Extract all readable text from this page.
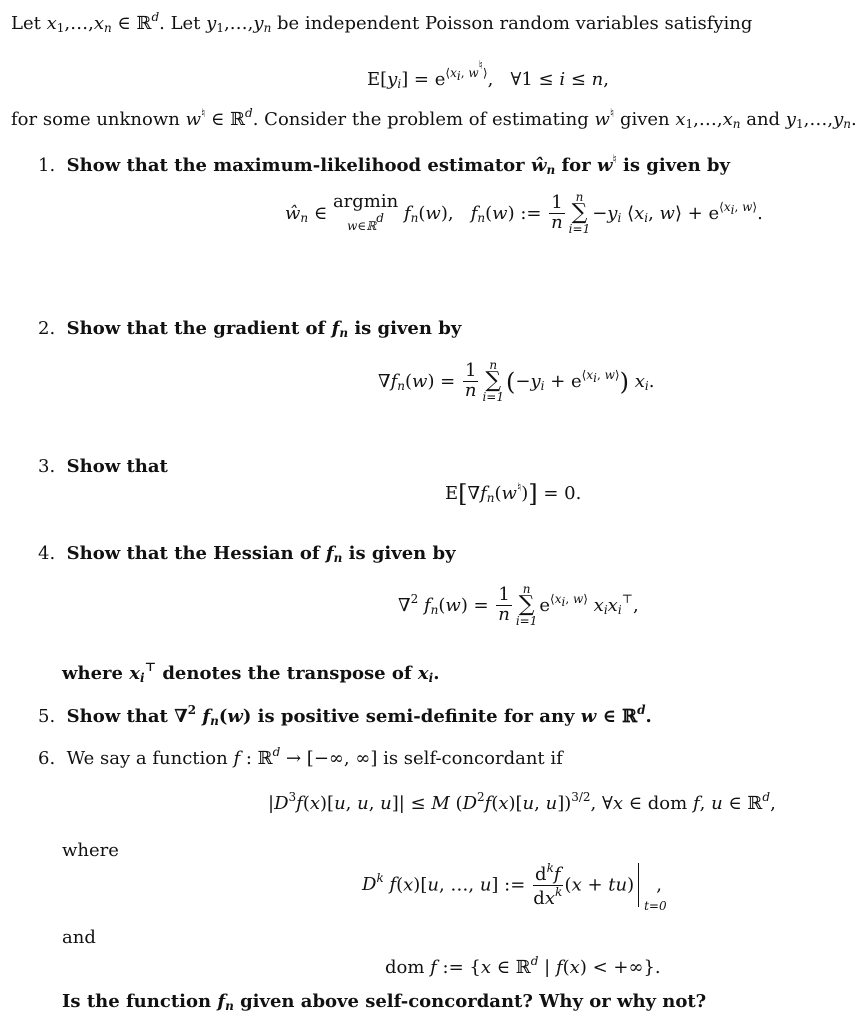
Let $x_1,\dots,x_n$ ∈ ℝ$^d$. Let $y_1,\dots,y_n$ be independent Poisson random variables satisfying
$E[y_i] = e^{⟨x_i, w^♮⟩}$,   ∀1 ≤ i ≤ n,
for some unknown w♮ ∈ ℝ$^d$. Consider the problem of estimating w♮ given $x_1,\dots,x_n$ and $y_1,\dots,y_n$.
1. Show that the maximum-likelihood estimator $ŵ_n$ for w♮ is given by
$ŵ_n$ ∈
argmin
w∈ℝ$^d$	$f_n(w)$,   $f_n(w)$ := $\frac{1}{n}$ n
∑
i=1
$-y_i$ $⟨x_i$, w⟩ + $e^{⟨x_i, w⟩}$.
2. Show that the gradient of $f_n$ is given by
$\nabla f_n(w) = \frac{1}{n}$ n
∑
i=1
$(-y_i + e^{⟨x_i, w⟩})$ $x_i$.
3. Show that
$E[\nabla f_n(w^♮)] = 0$.
4. Show that the Hessian of $f_n$ is given by
∇$^2$ $f_n(w) = \frac{1}{n}$ n
∑
i=1
$e^{⟨x_i, w⟩}$ $x_ix_i^⊤$,
where $x_i^⊤$ denotes the transpose of $x_i$.
5. Show that ∇$^2$ $f_n(w)$ is positive semi-definite for any w ∈ ℝ$^d$.
6. We say a function f : ℝ$^d$ → [−∞, ∞] is self-concordant if
$|D^3f(x)[u$, u, u]| ≤ M ($D^2f(x)[u$, u])$^{3/2}$, ∀x ∈ dom f, u ∈ ℝ$^d$,
where
$D^k$ f(x)[u, …, u] := $\frac{d^kf}{dx^k} (x + tu)$
t=0
,
and
dom f := {x ∈ ℝ$^d$ | f(x) < +∞}.
Is the function $f_n$ given above self-concordant? Why or why not?
